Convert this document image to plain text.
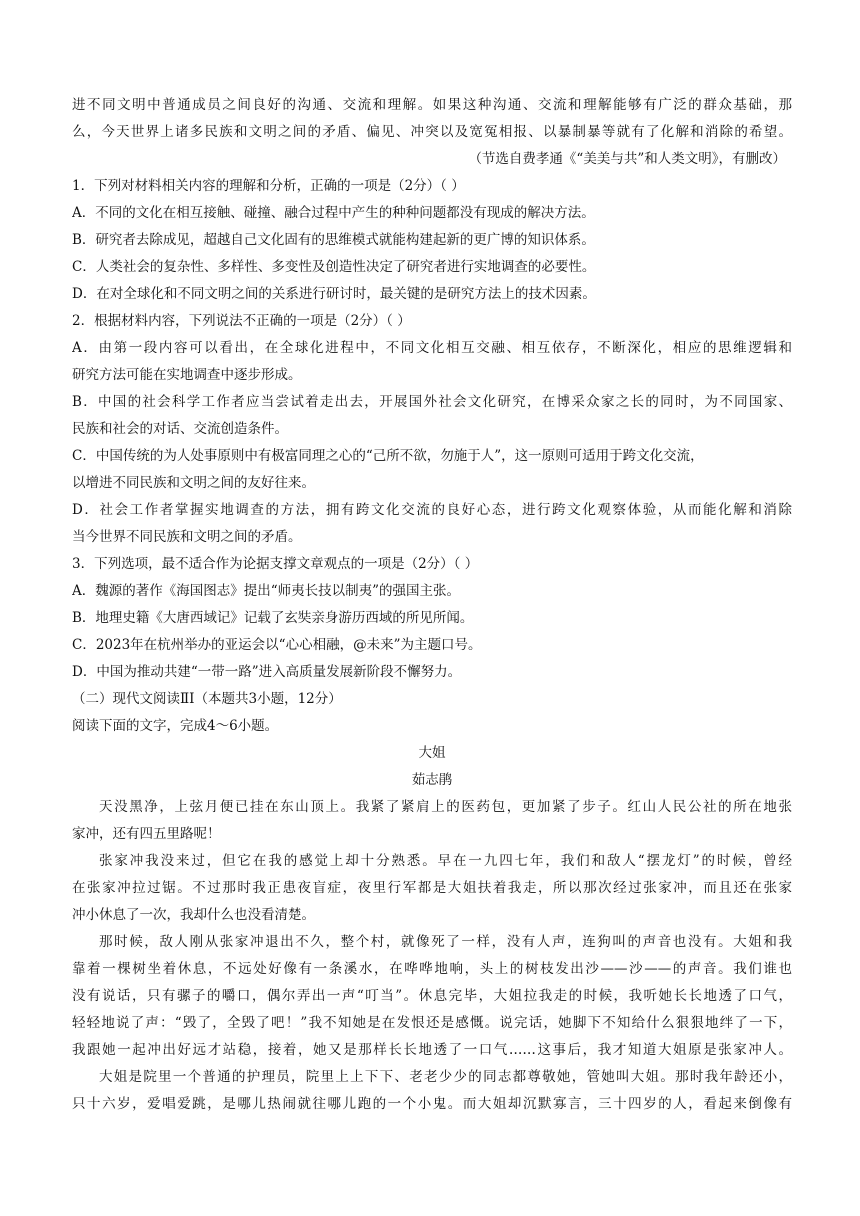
进不同文明中普通成员之间良好的沟通、交流和理解。如果这种沟通、交流和理解能够有广泛的群众基础，那
么，今天世界上诸多民族和文明之间的矛盾、偏见、冲突以及宽冤相报、以暴制暴等就有了化解和消除的希望。
（节选自费孝通《“美美与共”和人类文明》，有删改）
1．下列对材料相关内容的理解和分析，正确的一项是（2分）（ ）
A．不同的文化在相互接触、碰撞、融合过程中产生的种种问题都没有现成的解决方法。
B．研究者去除成见，超越自己文化固有的思维模式就能构建起新的更广博的知识体系。
C．人类社会的复杂性、多样性、多变性及创造性决定了研究者进行实地调查的必要性。
D．在对全球化和不同文明之间的关系进行研讨时，最关键的是研究方法上的技术因素。
2．根据材料内容，下列说法不正确的一项是（2分）（ ）
A．由第一段内容可以看出，在全球化进程中，不同文化相互交融、相互依存，不断深化，相应的思维逻辑和
研究方法可能在实地调查中逐步形成。
B．中国的社会科学工作者应当尝试着走出去，开展国外社会文化研究，在博采众家之长的同时，为不同国家、
民族和社会的对话、交流创造条件。
C．中国传统的为人处事原则中有极富同理之心的“己所不欲，勿施于人”，这一原则可适用于跨文化交流，
以增进不同民族和文明之间的友好往来。
D．社会工作者掌握实地调查的方法，拥有跨文化交流的良好心态，进行跨文化观察体验，从而能化解和消除
当今世界不同民族和文明之间的矛盾。
3．下列选项，最不适合作为论据支撑文章观点的一项是（2分）（ ）
A．魏源的著作《海国图志》提出“师夷长技以制夷”的强国主张。
B．地理史籍《大唐西域记》记载了玄奘亲身游历西域的所见所闻。
C．2023年在杭州举办的亚运会以“心心相融，@未来”为主题口号。
D．中国为推动共建“一带一路”进入高质量发展新阶段不懈努力。
（二）现代文阅读ⅡI（本题共3小题，12分）
阅读下面的文字，完成4～6小题。
大姐
茹志鹃
天没黑净，上弦月便已挂在东山顶上。我紧了紧肩上的医药包，更加紧了步子。红山人民公社的所在地张
家冲，还有四五里路呢！
张家冲我没来过，但它在我的感觉上却十分熟悉。早在一九四七年，我们和敌人“摆龙灯”的时候，曾经
在张家冲拉过锯。不过那时我正患夜盲症，夜里行军都是大姐扶着我走，所以那次经过张家冲，而且还在张家
冲小休息了一次，我却什么也没看清楚。
那时候，敌人刚从张家冲退出不久，整个村，就像死了一样，没有人声，连狗叫的声音也没有。大姐和我
靠着一棵树坐着休息，不远处好像有一条溪水，在哗哗地响，头上的树枝发出沙——沙——的声音。我们谁也
没有说话，只有骡子的嚼口，偶尔弄出一声“叮当”。休息完毕，大姐拉我走的时候，我听她长长地透了口气，
轻轻地说了声：“毁了，全毁了吧！”我不知她是在发恨还是感慨。说完话，她脚下不知给什么狠狠地绊了一下，
我跟她一起冲出好远才站稳，接着，她又是那样长长地透了一口气……这事后，我才知道大姐原是张家冲人。
大姐是院里一个普通的护理员，院里上上下下、老老少少的同志都尊敬她，管她叫大姐。那时我年龄还小，
只十六岁，爱唱爱跳，是哪儿热闹就往哪儿跑的一个小鬼。而大姐却沉默寡言，三十四岁的人，看起来倒像有
